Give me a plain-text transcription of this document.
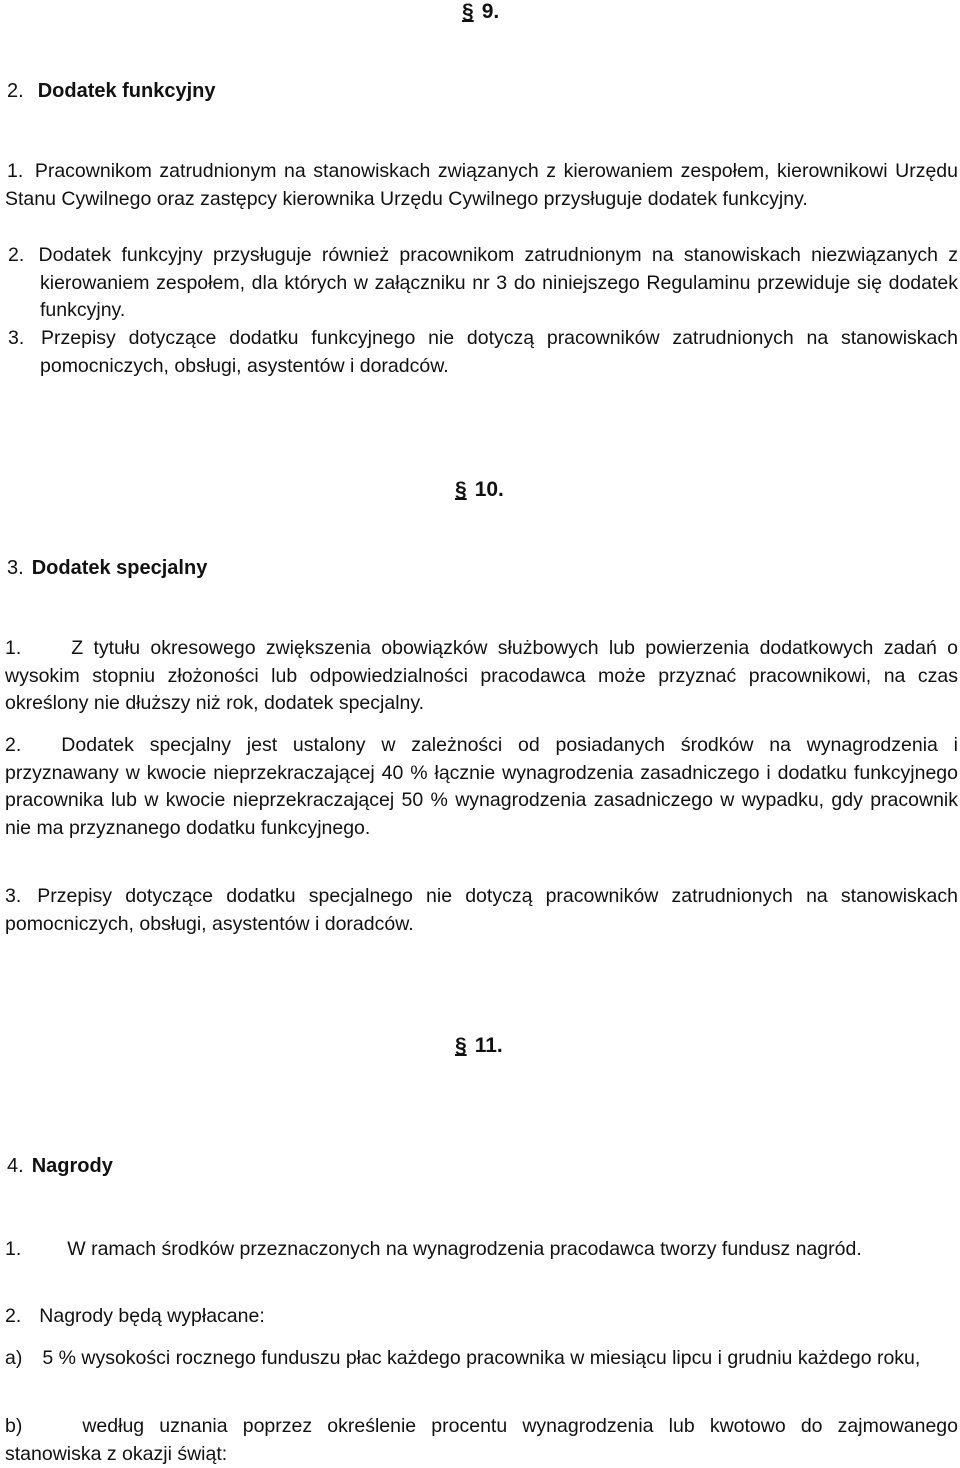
§ 9.
2. Dodatek funkcyjny
1. Pracownikom zatrudnionym na stanowiskach związanych z kierowaniem zespołem, kierownikowi Urzędu Stanu Cywilnego oraz zastępcy kierownika Urzędu Cywilnego przysługuje dodatek funkcyjny.
2. Dodatek funkcyjny przysługuje również pracownikom zatrudnionym na stanowiskach niezwiązanych z kierowaniem zespołem, dla których w załączniku nr 3 do niniejszego Regulaminu przewiduje się dodatek funkcyjny.
3. Przepisy dotyczące dodatku funkcyjnego nie dotyczą pracowników zatrudnionych na stanowiskach pomocniczych, obsługi, asystentów i doradców.
§ 10.
3. Dodatek specjalny
1.	Z tytułu okresowego zwiększenia obowiązków służbowych lub powierzenia dodatkowych zadań o wysokim stopniu złożoności lub odpowiedzialności pracodawca może przyznać pracownikowi, na czas określony nie dłuższy niż rok, dodatek specjalny.
2. Dodatek specjalny jest ustalony w zależności od posiadanych środków na wynagrodzenia i przyznawany w kwocie nieprzekraczającej 40 % łącznie wynagrodzenia zasadniczego i dodatku funkcyjnego pracownika lub w kwocie nieprzekraczającej 50 % wynagrodzenia zasadniczego w wypadku, gdy pracownik nie ma przyznanego dodatku funkcyjnego.
3. Przepisy dotyczące dodatku specjalnego nie dotyczą pracowników zatrudnionych na stanowiskach pomocniczych, obsługi, asystentów i doradców.
§ 11.
4. Nagrody
1. W ramach środków przeznaczonych na wynagrodzenia pracodawca tworzy fundusz nagród.
2. Nagrody będą wypłacane:
a) 5 % wysokości rocznego funduszu płac każdego pracownika w miesiącu lipcu i grudniu każdego roku,
b)	według uznania poprzez określenie procentu wynagrodzenia lub kwotowo do zajmowanego stanowiska z okazji świąt:
